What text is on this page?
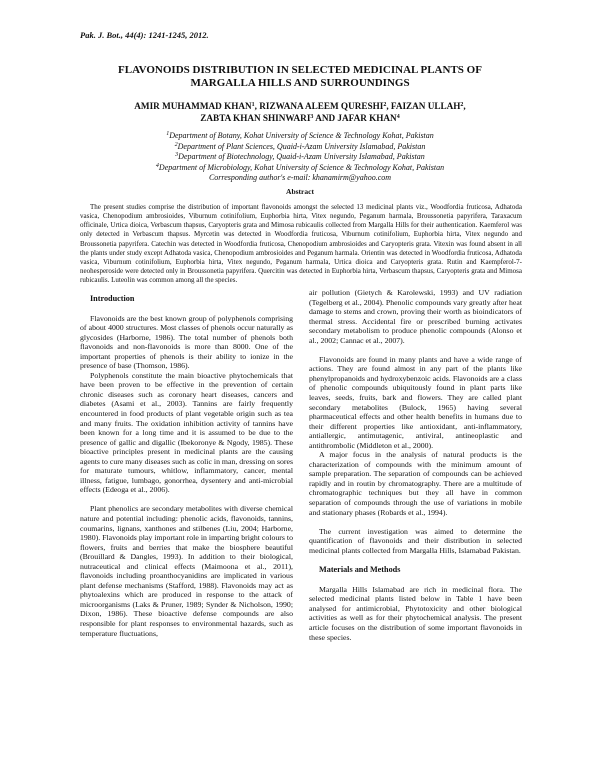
Pak. J. Bot., 44(4): 1241-1245, 2012.
FLAVONOIDS DISTRIBUTION IN SELECTED MEDICINAL PLANTS OF
MARGALLA HILLS AND SURROUNDINGS
AMIR MUHAMMAD KHAN$^1$, RIZWANA ALEEM QURESHI$^2$, FAIZAN ULLAH$^2$,
ZABTA KHAN SHINWARI$^3$ AND JAFAR KHAN$^4$
$^1$Department of Botany, Kohat University of Science & Technology Kohat, Pakistan
$^2$Department of Plant Sciences, Quaid-i-Azam University Islamabad, Pakistan
$^3$Department of Biotechnology, Quaid-i-Azam University Islamabad, Pakistan
$^4$Department of Microbiology, Kohat University of Science & Technology Kohat, Pakistan
Corresponding author's e-mail: khanamirm@yahoo.com
Abstract

The present studies comprise the distribution of important flavonoids amongst the selected 13 medicinal plants viz., Woodfordia fruticosa, Adhatoda vasica, Chenopodium ambrosioides, Viburnum cotinifolium, Euphorbia hirta, Vitex negundo, Peganum harmala, Broussonetia papyrifera, Taraxacum officinale, Urtica dioica, Verbascum thapsus, Caryopteris grata and Mimosa rubicaulis collected from Margalla Hills for their authentication. Kaemferol was only detected in Verbascum thapsus. Myrcetin was detected in Woodfordia fruticosa, Viburnum cotinifolium, Euphorbia hirta, Vitex negundo and Broussonetia papyrifera. Catechin was detected in Woodfordia fruticosa, Chenopodium ambrosioides and Caryopteris grata. Vitexin was found absent in all the plants under study except Adhatoda vasica, Chenopodium ambrosioides and Peganum harmala. Orientin was detected in Woodfordia fruticosa, Adhatoda vasica, Viburnum cotinifolium, Euphorbia hirta, Vitex negundo, Peganum harmala, Urtica dioica and Caryopteris grata. Rutin and Kaempferol-7-neohesperoside were detected only in Broussonetia papyrifera. Quercitin was detected in Euphorbia hirta, Verbascum thapsus, Caryopteris grata and Mimosa rubicaulis. Luteolin was common among all the species.

Introduction

Flavonoids are the best known group of polyphenols comprising of about 4000 structures. Most classes of phenols occur naturally as glycosides (Harborne, 1986). The total number of phenols both flavonoids and non-flavonoids is more than 8000. One of the important properties of phenols is their ability to ionize in the presence of base (Thomson, 1986).

Polyphenols constitute the main bioactive phytochemicals that have been proven to be effective in the prevention of certain chronic diseases such as coronary heart diseases, cancers and diabetes (Asami et al., 2003). Tannins are fairly frequently encountered in food products of plant vegetable origin such as tea and many fruits. The oxidation inhibition activity of tannins have been known for a long time and it is assumed to be due to the presence of gallic and digallic (Ibekoronye & Ngody, 1985). These bioactive principles present in medicinal plants are the causing agents to cure many diseases such as colic in man, dressing on sores for maturate tumours, whitlow, inflammatory, cancer, mental illness, fatigue, lumbago, gonorrhea, dysentery and anti-microbial effects (Edeoga et al., 2006).

Plant phenolics are secondary metabolites with diverse chemical nature and potential including: phenolic acids, flavonoids, tannins, coumarins, lignans, xanthones and stilbenes (Liu, 2004; Harborne, 1980). Flavonoids play important role in imparting bright colours to flowers, fruits and berries that make the biosphere beautiful (Brouillard & Dangles, 1993). In addition to their biological, nutraceutical and clinical effects (Maimoona et al., 2011), flavonoids including proanthocyanidins are implicated in various plant defense mechanisms (Stafford, 1988). Flavonoids may act as phytoalexins which are produced in response to the attack of microorganisms (Laks & Pruner, 1989; Synder & Nicholson, 1990; Dixon, 1986). These bioactive defense compounds are also responsible for plant responses to environmental hazards, such as temperature fluctuations,

air pollution (Gietych & Karolewski, 1993) and UV radiation (Tegelberg et al., 2004). Phenolic compounds vary greatly after heat damage to stems and crown, proving their worth as bioindicators of thermal stress. Accidental fire or prescribed burning activates secondary metabolism to produce phenolic compounds (Alonso et al., 2002; Cannac et al., 2007).

Flavonoids are found in many plants and have a wide range of actions. They are found almost in any part of the plants like phenylpropanoids and hydroxybenzoic acids. Flavonoids are a class of phenolic compounds ubiquitously found in plant parts like leaves, seeds, fruits, bark and flowers. They are called plant secondary metabolites (Bulock, 1965) having several pharmaceutical effects and other health benefits in humans due to their different properties like antioxidant, anti-inflammatory, antiallergic, antimutagenic, antiviral, antineoplastic and antithrombolic (Middleton et al., 2000).

A major focus in the analysis of natural products is the characterization of compounds with the minimum amount of sample preparation. The separation of compounds can be achieved rapidly and in routin by chromatography. There are a multitude of chromatographic techniques but they all have in common separation of compounds through the use of variations in mobile and stationary phases (Robards et al., 1994).

The current investigation was aimed to determine the quantification of flavonoids and their distribution in selected medicinal plants collected from Margalla Hills, Islamabad Pakistan.

Materials and Methods

Margalla Hills Islamabad are rich in medicinal flora. The selected medicinal plants listed below in Table 1 have been analysed for antimicrobial, Phytotoxicity and other biological activities as well as for their phytochemical analysis. The present article focuses on the distribution of some important flavonoids in these species.
